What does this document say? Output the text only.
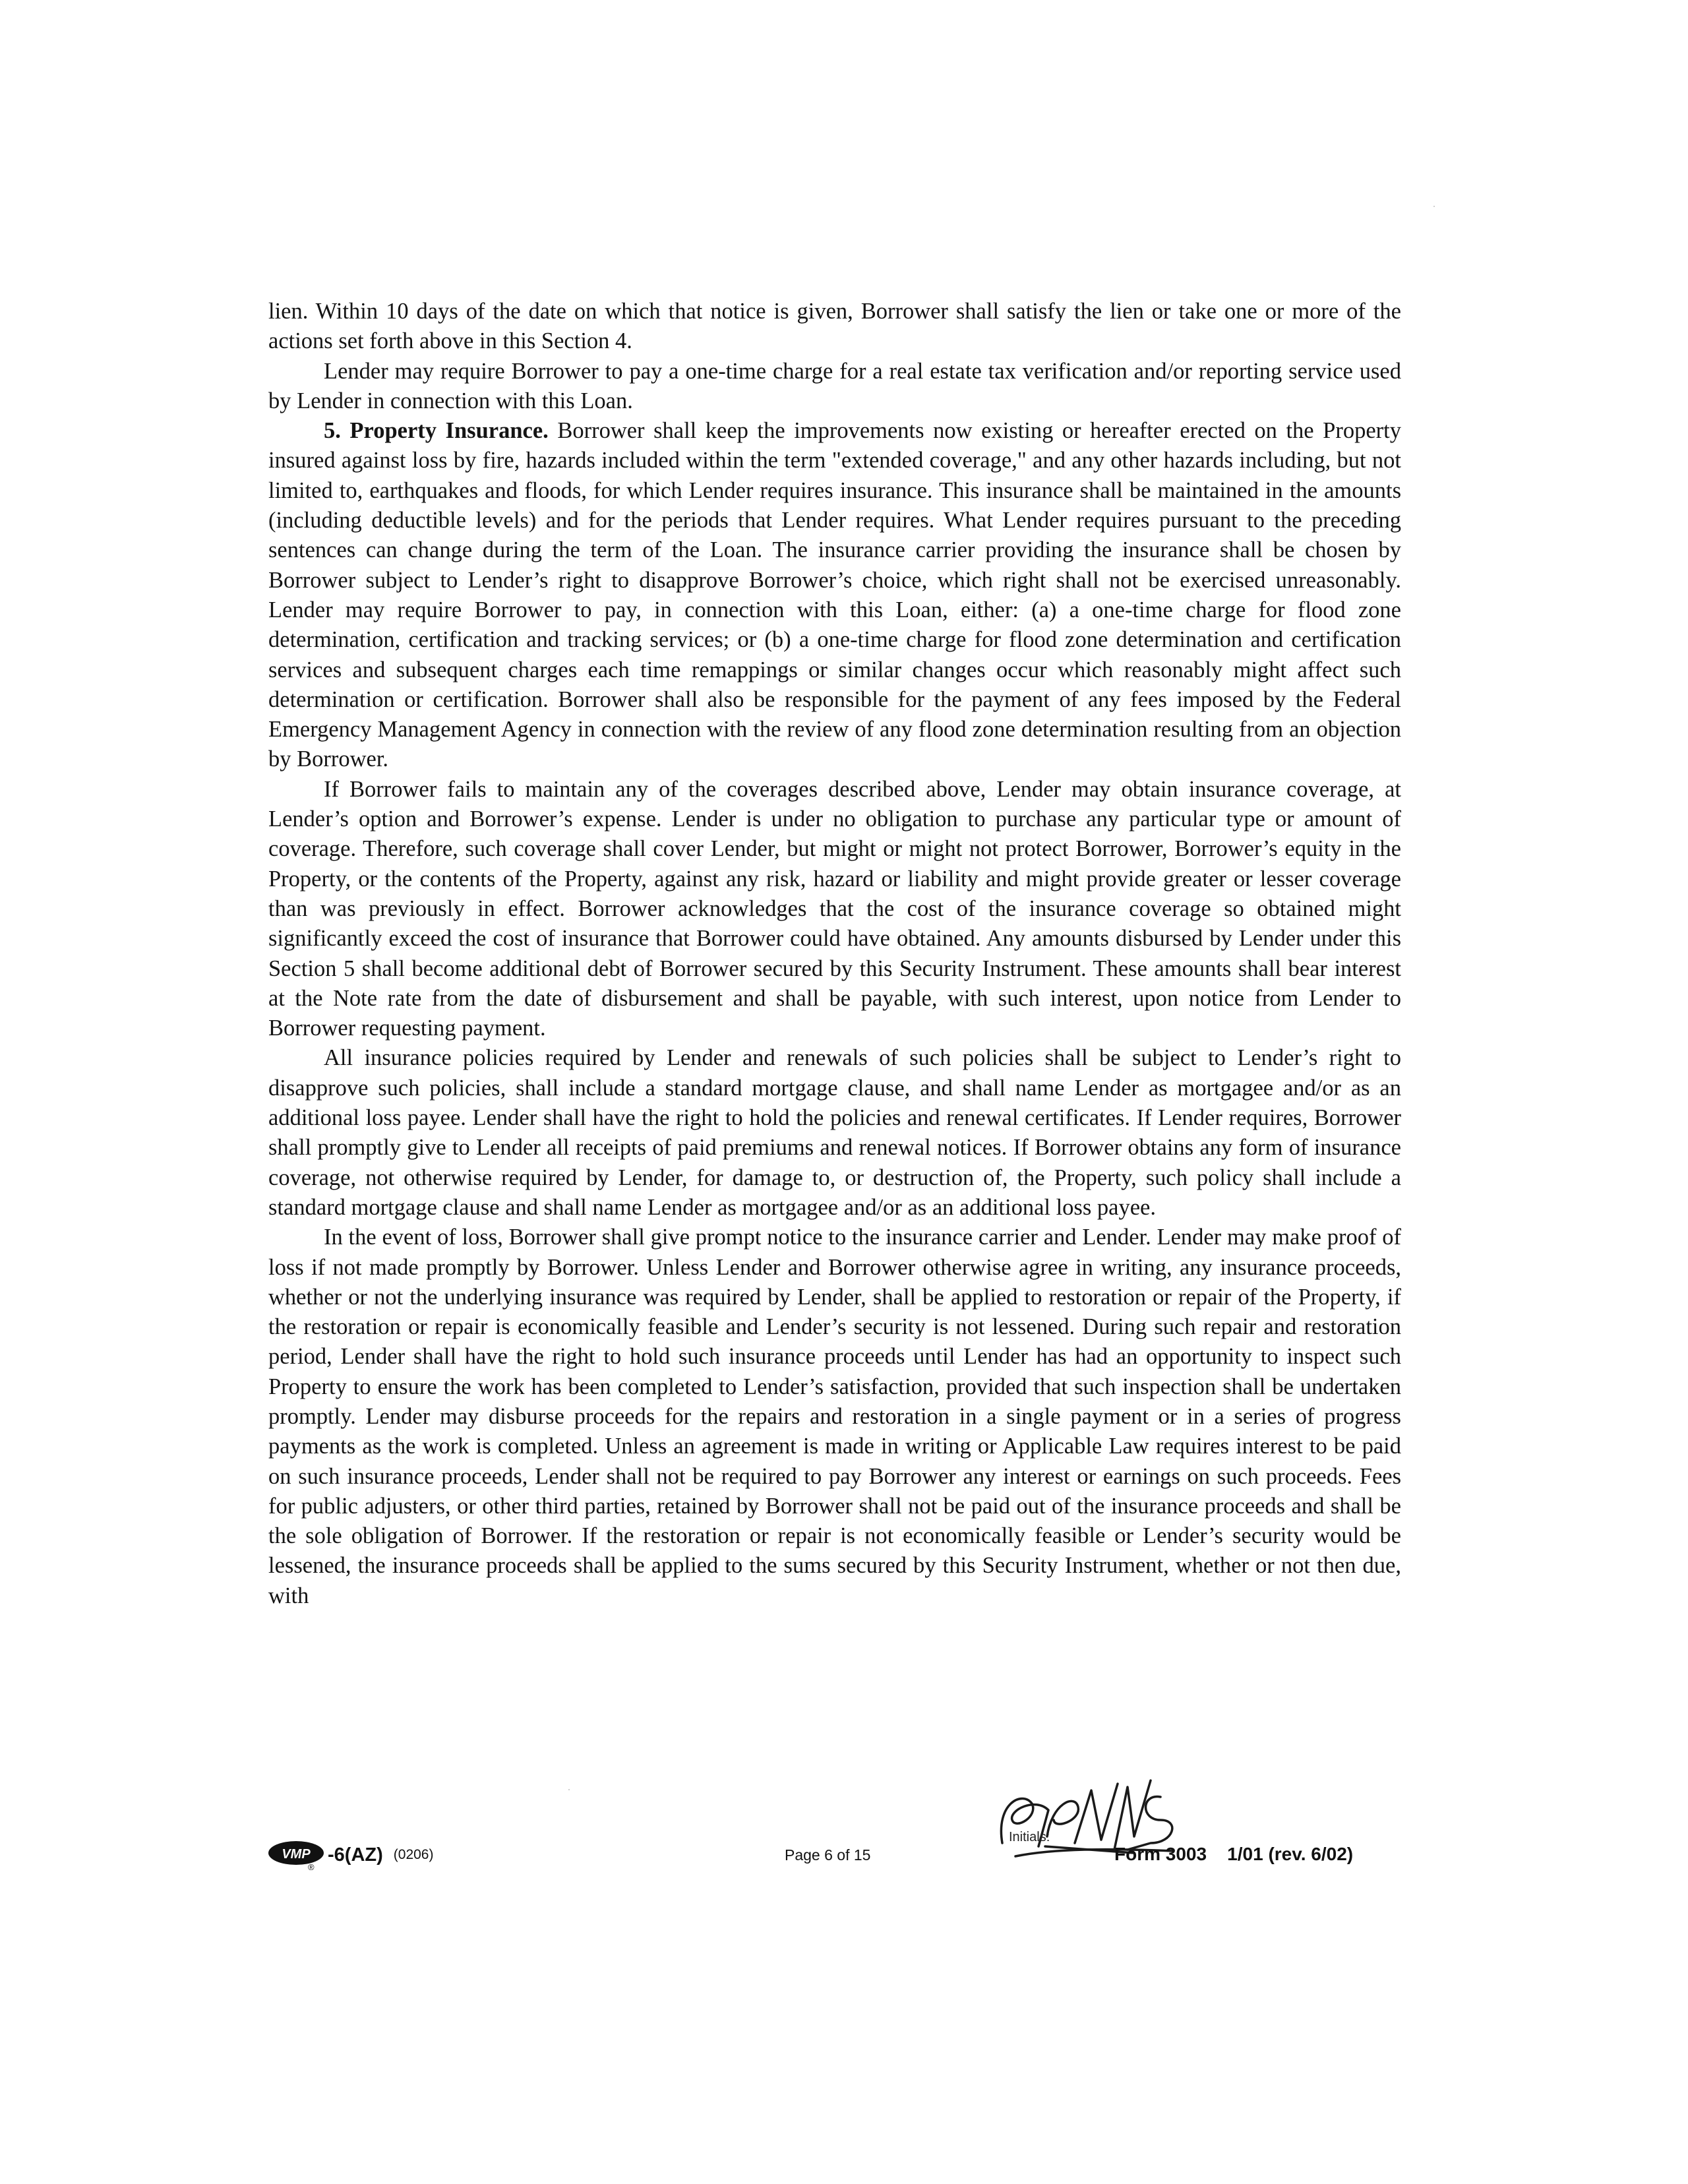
lien. Within 10 days of the date on which that notice is given, Borrower shall satisfy the lien or take one or more of the actions set forth above in this Section 4.

Lender may require Borrower to pay a one-time charge for a real estate tax verification and/or reporting service used by Lender in connection with this Loan.

5. Property Insurance. Borrower shall keep the improvements now existing or hereafter erected on the Property insured against loss by fire, hazards included within the term "extended coverage," and any other hazards including, but not limited to, earthquakes and floods, for which Lender requires insurance. This insurance shall be maintained in the amounts (including deductible levels) and for the periods that Lender requires. What Lender requires pursuant to the preceding sentences can change during the term of the Loan. The insurance carrier providing the insurance shall be chosen by Borrower subject to Lender’s right to disapprove Borrower’s choice, which right shall not be exercised unreasonably. Lender may require Borrower to pay, in connection with this Loan, either: (a) a one-time charge for flood zone determination, certification and tracking services; or (b) a one-time charge for flood zone determination and certification services and subsequent charges each time remappings or similar changes occur which reasonably might affect such determination or certification. Borrower shall also be responsible for the payment of any fees imposed by the Federal Emergency Management Agency in connection with the review of any flood zone determination resulting from an objection by Borrower.

If Borrower fails to maintain any of the coverages described above, Lender may obtain insurance coverage, at Lender’s option and Borrower’s expense. Lender is under no obligation to purchase any particular type or amount of coverage. Therefore, such coverage shall cover Lender, but might or might not protect Borrower, Borrower’s equity in the Property, or the contents of the Property, against any risk, hazard or liability and might provide greater or lesser coverage than was previously in effect. Borrower acknowledges that the cost of the insurance coverage so obtained might significantly exceed the cost of insurance that Borrower could have obtained. Any amounts disbursed by Lender under this Section 5 shall become additional debt of Borrower secured by this Security Instrument. These amounts shall bear interest at the Note rate from the date of disbursement and shall be payable, with such interest, upon notice from Lender to Borrower requesting payment.

All insurance policies required by Lender and renewals of such policies shall be subject to Lender’s right to disapprove such policies, shall include a standard mortgage clause, and shall name Lender as mortgagee and/or as an additional loss payee. Lender shall have the right to hold the policies and renewal certificates. If Lender requires, Borrower shall promptly give to Lender all receipts of paid premiums and renewal notices. If Borrower obtains any form of insurance coverage, not otherwise required by Lender, for damage to, or destruction of, the Property, such policy shall include a standard mortgage clause and shall name Lender as mortgagee and/or as an additional loss payee.

In the event of loss, Borrower shall give prompt notice to the insurance carrier and Lender. Lender may make proof of loss if not made promptly by Borrower. Unless Lender and Borrower otherwise agree in writing, any insurance proceeds, whether or not the underlying insurance was required by Lender, shall be applied to restoration or repair of the Property, if the restoration or repair is economically feasible and Lender’s security is not lessened. During such repair and restoration period, Lender shall have the right to hold such insurance proceeds until Lender has had an opportunity to inspect such Property to ensure the work has been completed to Lender’s satisfaction, provided that such inspection shall be undertaken promptly. Lender may disburse proceeds for the repairs and restoration in a single payment or in a series of progress payments as the work is completed. Unless an agreement is made in writing or Applicable Law requires interest to be paid on such insurance proceeds, Lender shall not be required to pay Borrower any interest or earnings on such proceeds. Fees for public adjusters, or other third parties, retained by Borrower shall not be paid out of the insurance proceeds and shall be the sole obligation of Borrower. If the restoration or repair is not economically feasible or Lender’s security would be lessened, the insurance proceeds shall be applied to the sums secured by this Security Instrument, whether or not then due, with

VMP
®
-6(AZ) (0206)	Page 6 of 15
Initials:
Form 3003    1/01 (rev. 6/02)
